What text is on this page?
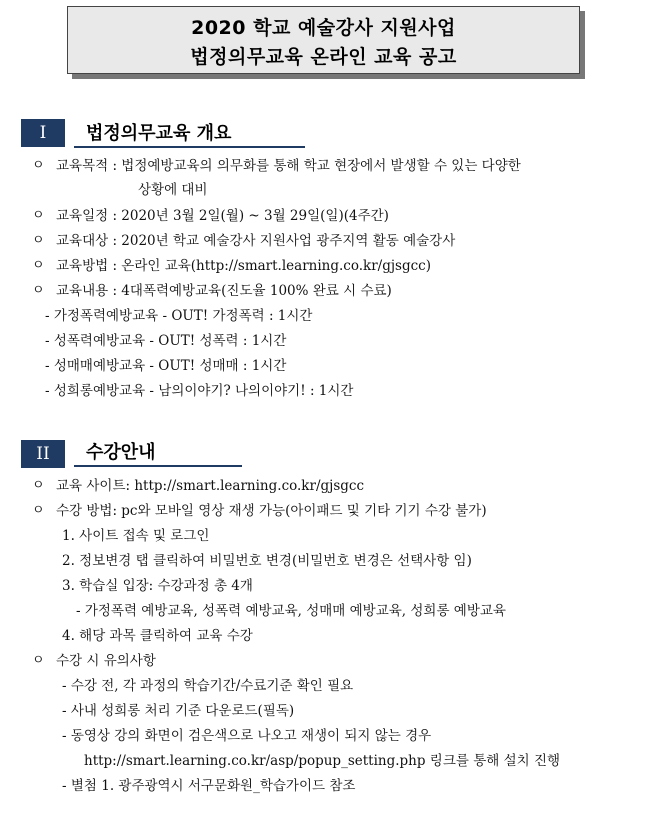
2020 학교 예술강사 지원사업
법정의무교육 온라인 교육 공고
I	법정의무교육 개요
ㅇ 교육목적 : 법정예방교육의 의무화를 통해 학교 현장에서 발생할 수 있는 다양한
상황에 대비
ㅇ 교육일정 : 2020년 3월 2일(월) ~ 3월 29일(일)(4주간)
ㅇ 교육대상 : 2020년 학교 예술강사 지원사업 광주지역 활동 예술강사
ㅇ 교육방법 : 온라인 교육(http://smart.learning.co.kr/gjsgcc)
ㅇ 교육내용 : 4대폭력예방교육(진도율 100% 완료 시 수료)
- 가정폭력예방교육 - OUT! 가정폭력 : 1시간
- 성폭력예방교육 - OUT! 성폭력 : 1시간
- 성매매예방교육 - OUT! 성매매 : 1시간
- 성희롱예방교육 - 남의이야기? 나의이야기! : 1시간
II	수강안내
ㅇ 교육 사이트: http://smart.learning.co.kr/gjsgcc
ㅇ 수강 방법: pc와 모바일 영상 재생 가능(아이패드 및 기타 기기 수강 불가)
1. 사이트 접속 및 로그인
2. 정보변경 탭 클릭하여 비밀번호 변경(비밀번호 변경은 선택사항 임)
3. 학습실 입장: 수강과정 총 4개
- 가정폭력 예방교육, 성폭력 예방교육, 성매매 예방교육, 성희롱 예방교육
4. 해당 과목 클릭하여 교육 수강
ㅇ 수강 시 유의사항
- 수강 전, 각 과정의 학습기간/수료기준 확인 필요
- 사내 성희롱 처리 기준 다운로드(필독)
- 동영상 강의 화면이 검은색으로 나오고 재생이 되지 않는 경우
http://smart.learning.co.kr/asp/popup_setting.php 링크를 통해 설치 진행
- 별첨 1. 광주광역시 서구문화원_학습가이드 참조
